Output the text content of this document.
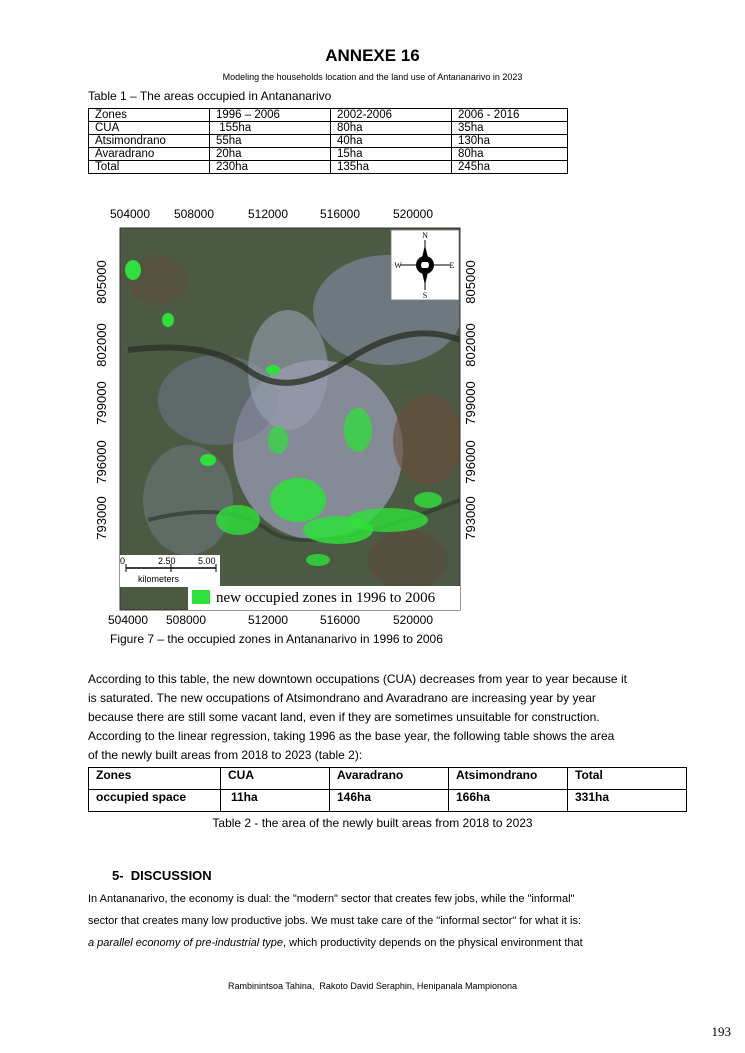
ANNEXE 16
Modeling the households location and the land use of Antananarivo in 2023
Table 1 – The areas occupied in Antananarivo
Zones	1996 – 2006	2002-2006	2006 - 2016
CUA	155ha	80ha	35ha
Atsimondrano	55ha	40ha	130ha
Avaradrano	20ha	15ha	80ha
Total	230ha	135ha	245ha
N
S
E
W
0	2.50 5.00
kilometers
new occupied zones in 1996 to 2006
504000 508000	512000	516000	520000
504000 508000	512000	516000	520000
793000
796000
799000
802000
805000
793000
796000
799000
802000
805000
Figure 7 – the occupied zones in Antananarivo in 1996 to 2006
According to this table, the new downtown occupations (CUA) decreases from year to year because it
is saturated. The new occupations of Atsimondrano and Avaradrano are increasing year by year
because there are still some vacant land, even if they are sometimes unsuitable for construction.
According to the linear regression, taking 1996 as the base year, the following table shows the area
of the newly built areas from 2018 to 2023 (table 2):
Zones	CUA	Avaradrano	Atsimondrano	Total
occupied space	11ha	146ha	166ha	331ha
Table 2 - the area of the newly built areas from 2018 to 2023
5-  DISCUSSION
In Antananarivo, the economy is dual: the "modern" sector that creates few jobs, while the "informal"
sector that creates many low productive jobs. We must take care of the "informal sector" for what it is:
a parallel economy of pre-industrial type, which productivity depends on the physical environment that
Rambinintsoa Tahina,  Rakoto David Seraphin, Henipanala Mampionona
193
